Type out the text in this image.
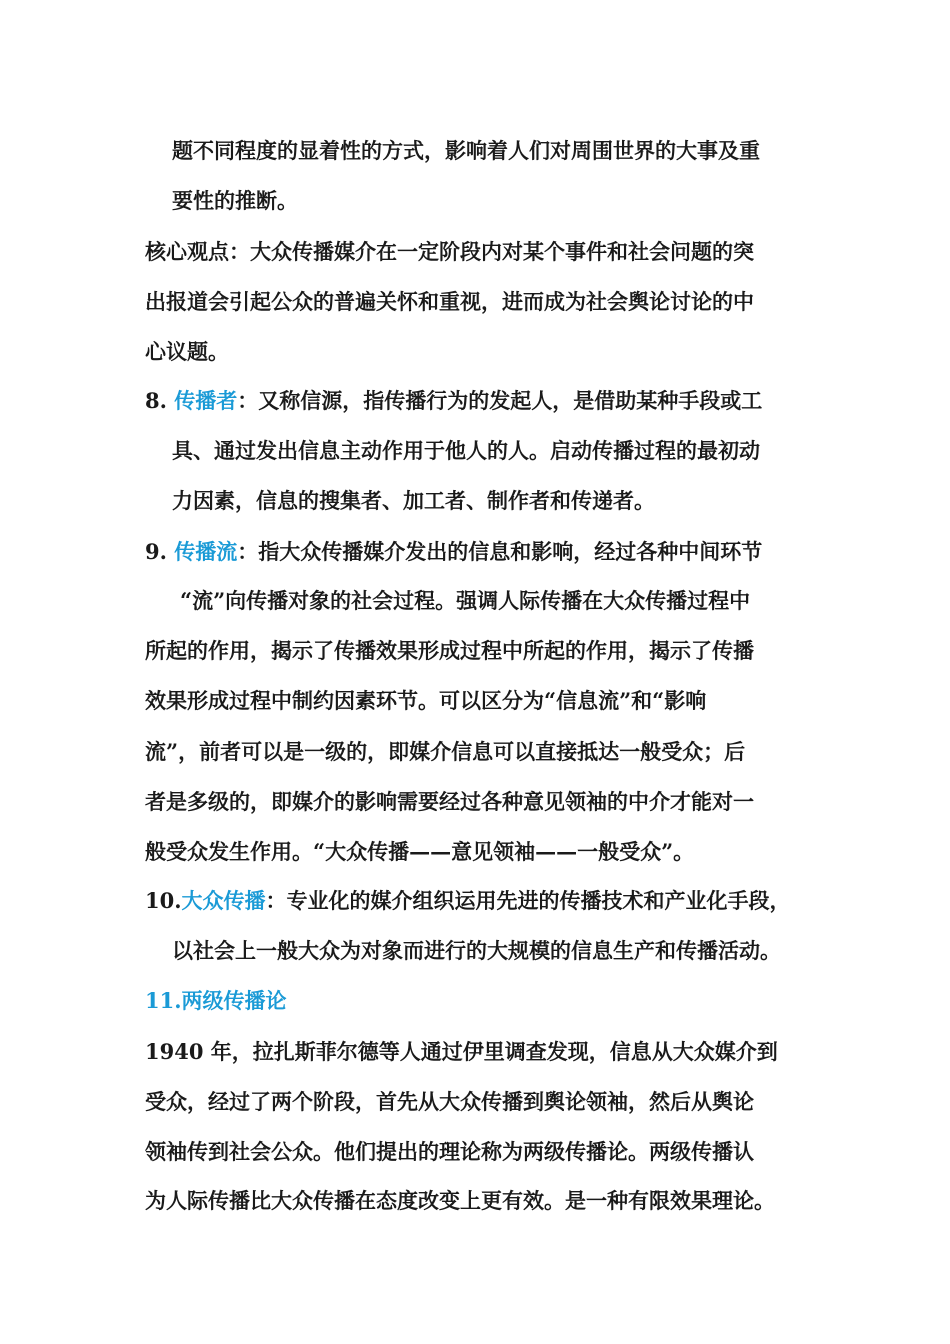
题不同程度的显着性的方式，影响着人们对周围世界的大事及重
要性的推断。
核心观点：大众传播媒介在一定阶段内对某个事件和社会问题的突
出报道会引起公众的普遍关怀和重视，进而成为社会舆论讨论的中
心议题。
8. 传播者：又称信源，指传播行为的发起人，是借助某种手段或工
具、通过发出信息主动作用于他人的人。启动传播过程的最初动
力因素，信息的搜集者、加工者、制作者和传递者。
9. 传播流：指大众传播媒介发出的信息和影响，经过各种中间环节
“流”向传播对象的社会过程。强调人际传播在大众传播过程中
所起的作用，揭示了传播效果形成过程中所起的作用，揭示了传播
效果形成过程中制约因素环节。可以区分为“信息流”和“影响
流”，前者可以是一级的，即媒介信息可以直接抵达一般受众；后
者是多级的，即媒介的影响需要经过各种意见领袖的中介才能对一
般受众发生作用。“大众传播——意见领袖——一般受众”。
10.大众传播：专业化的媒介组织运用先进的传播技术和产业化手段，
以社会上一般大众为对象而进行的大规模的信息生产和传播活动。
11.两级传播论
1940 年，拉扎斯菲尔德等人通过伊里调查发现，信息从大众媒介到
受众，经过了两个阶段，首先从大众传播到舆论领袖，然后从舆论
领袖传到社会公众。他们提出的理论称为两级传播论。两级传播认
为人际传播比大众传播在态度改变上更有效。是一种有限效果理论。
